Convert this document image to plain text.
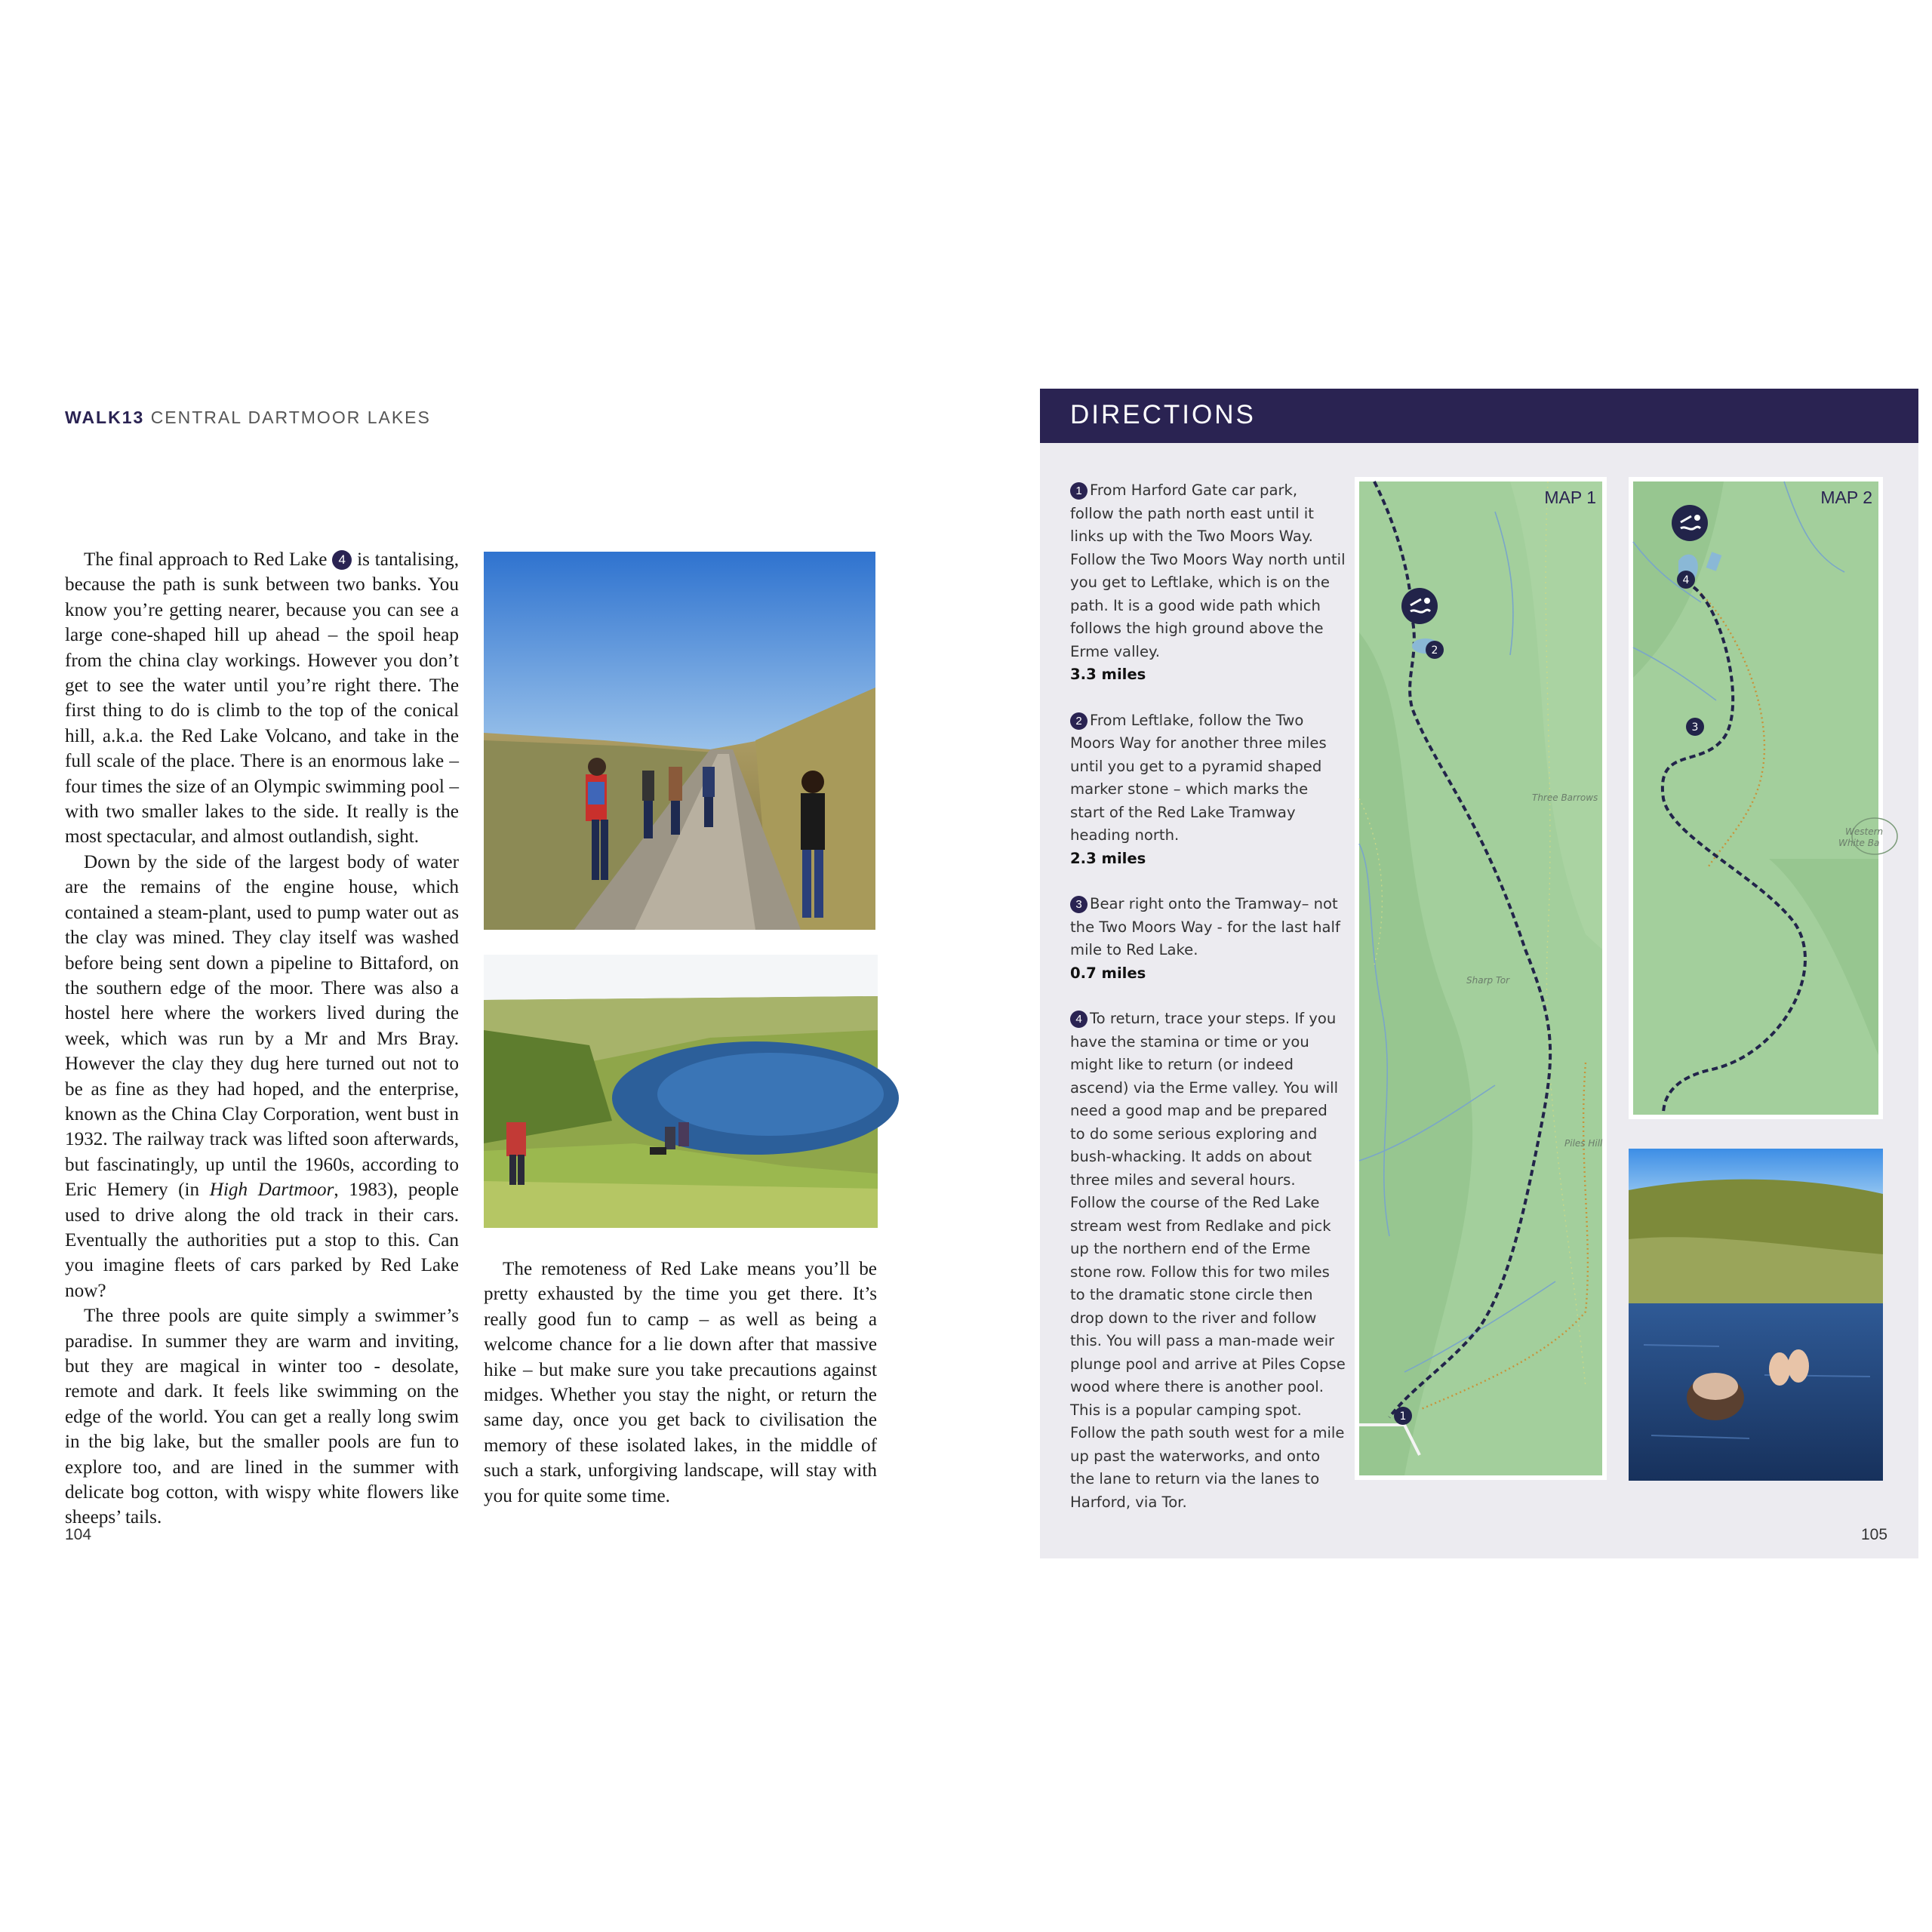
WALK13 CENTRAL DARTMOOR LAKES

The final approach to Red Lake 4 is tantalising, because the path is sunk between two banks. You know you’re getting nearer, because you can see a large cone-shaped hill up ahead – the spoil heap from the china clay workings. However you don’t get to see the water until you’re right there. The first thing to do is climb to the top of the conical hill, a.k.a. the Red Lake Volcano, and take in the full scale of the place. There is an enormous lake – four times the size of an Olympic swimming pool – with two smaller lakes to the side. It really is the most spectacular, and almost outlandish, sight.

Down by the side of the largest body of water are the remains of the engine house, which contained a steam-plant, used to pump water out as the clay was mined. They clay itself was washed before being sent down a pipeline to Bittaford, on the southern edge of the moor. There was also a hostel here where the workers lived during the week, which was run by a Mr and Mrs Bray. However the clay they dug here turned out not to be as fine as they had hoped, and the enterprise, known as the China Clay Corporation, went bust in 1932. The railway track was lifted soon afterwards, but fascinatingly, up until the 1960s, according to Eric Hemery (in High Dartmoor, 1983), people used to drive along the old track in their cars. Eventually the authorities put a stop to this. Can you imagine fleets of cars parked by Red Lake now?

The three pools are quite simply a swimmer’s paradise. In summer they are warm and inviting, but they are magical in winter too - desolate, remote and dark. It feels like swimming on the edge of the world. You can get a really long swim in the big lake, but the smaller pools are fun to explore too, and are lined in the summer with delicate bog cotton, with wispy white flowers like sheeps’ tails.

The remoteness of Red Lake means you’ll be pretty exhausted by the time you get there. It’s really good fun to camp – as well as being a welcome chance for a lie down after that massive hike – but make sure you take precautions against midges. Whether you stay the night, or return the same day, once you get back to civilisation the memory of these isolated lakes, in the middle of such a stark, unforgiving landscape, will stay with you for quite some time.

104
DIRECTIONS
1 From Harford Gate car park, follow the path north east until it links up with the Two Moors Way. Follow the Two Moors Way north until you get to Leftlake, which is on the path. It is a good wide path which follows the high ground above the Erme valley.
3.3 miles
2 From Leftlake, follow the Two Moors Way for another three miles until you get to a pyramid shaped marker stone – which marks the start of the Red Lake Tramway heading north.
2.3 miles
3 Bear right onto the Tramway– not the Two Moors Way - for the last half mile to Red Lake.
0.7 miles
4 To return, trace your steps. If you have the stamina or time or you might like to return (or indeed ascend) via the Erme valley. You will need a good map and be prepared to do some serious exploring and bush-whacking. It adds on about three miles and several hours. Follow the course of the Red Lake stream west from Redlake and pick up the northern end of the Erme stone row. Follow this for two miles to the dramatic stone circle then drop down to the river and follow this. You will pass a man-made weir plunge pool and arrive at Piles Copse wood where there is another pool. This is a popular camping spot. Follow the path south west for a mile up past the waterworks, and onto the lane to return via the lanes to Harford, via Tor.
2
1
MAP 1
Three Barrows
Sharp Tor
Piles Hill
4
3
MAP 2
Western
White Ba
105
